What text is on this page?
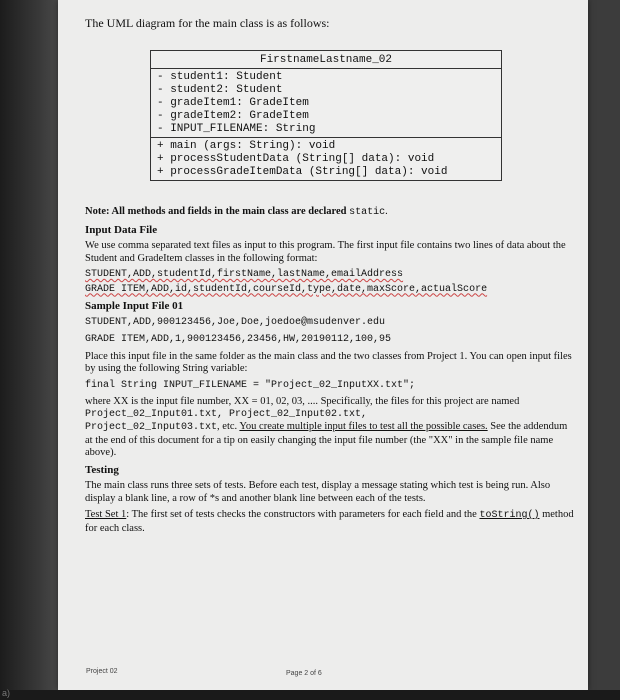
The UML diagram for the main class is as follows:
FirstnameLastname_02
- student1: Student
- student2: Student
- gradeItem1: GradeItem
- gradeItem2: GradeItem
- INPUT_FILENAME: String
+ main (args: String): void
+ processStudentData (String[] data): void
+ processGradeItemData (String[] data): void

Note: All methods and fields in the main class are declared static.

Input Data File

We use comma separated text files as input to this program. The first input file contains two lines of data about the Student and GradeItem classes in the following format:

STUDENT,ADD,studentId,firstName,lastName,emailAddress

GRADE ITEM,ADD,id,studentId,courseId,type,date,maxScore,actualScore

Sample Input File 01

STUDENT,ADD,900123456,Joe,Doe,joedoe@msudenver.edu

GRADE ITEM,ADD,1,900123456,23456,HW,20190112,100,95

Place this input file in the same folder as the main class and the two classes from Project 1. You can open input files by using the following String variable:

final String INPUT_FILENAME = "Project_02_InputXX.txt";

where XX is the input file number, XX = 01, 02, 03, .... Specifically, the files for this project are named

Project_02_Input01.txt, Project_02_Input02.txt,

Project_02_Input03.txt, etc. You create multiple input files to test all the possible cases. See the addendum at the end of this document for a tip on easily changing the input file number (the "XX" in the sample file name above).

Testing

The main class runs three sets of tests. Before each test, display a message stating which test is being run. Also display a blank line, a row of *s and another blank line between each of the tests.

Test Set 1: The first set of tests checks the constructors with parameters for each field and the toString() method for each class.

Project 02	Page 2 of 6
a)
